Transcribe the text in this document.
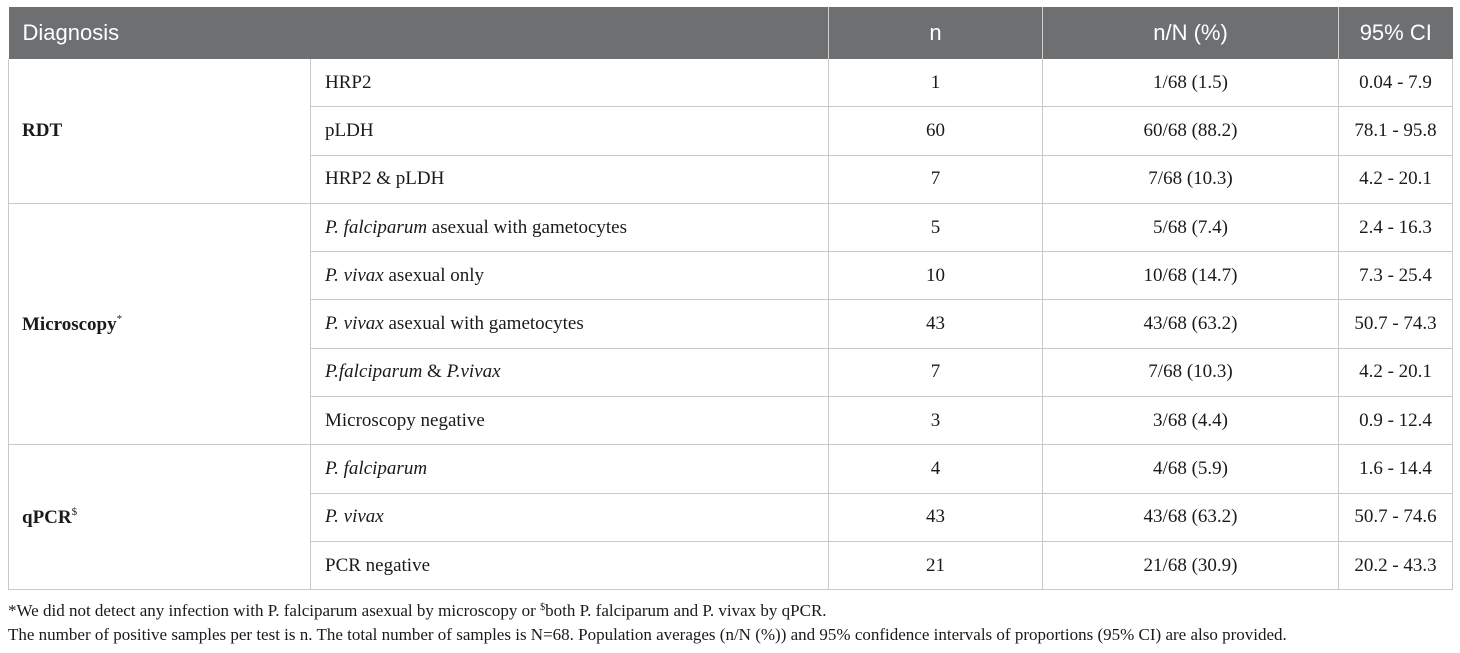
Diagnosis		n	n/N (%)	95% CI
RDT	HRP2	1	1/68 (1.5)	0.04 - 7.9
	pLDH	60	60/68 (88.2)	78.1 - 95.8
	HRP2 & pLDH	7	7/68 (10.3)	4.2 - 20.1
Microscopy*	P. falciparum asexual with gametocytes	5	5/68 (7.4)	2.4 - 16.3
	P. vivax asexual only	10	10/68 (14.7)	7.3 - 25.4
	P. vivax asexual with gametocytes	43	43/68 (63.2)	50.7 - 74.3
	P.falciparum & P.vivax	7	7/68 (10.3)	4.2 - 20.1
	Microscopy negative	3	3/68 (4.4)	0.9 - 12.4
qPCR$	P. falciparum	4	4/68 (5.9)	1.6 - 14.4
	P. vivax	43	43/68 (63.2)	50.7 - 74.6
	PCR negative	21	21/68 (30.9)	20.2 - 43.3
*We did not detect any infection with P. falciparum asexual by microscopy or $both P. falciparum and P. vivax by qPCR.
The number of positive samples per test is n. The total number of samples is N=68. Population averages (n/N (%)) and 95% confidence intervals of proportions (95% CI) are also provided.
